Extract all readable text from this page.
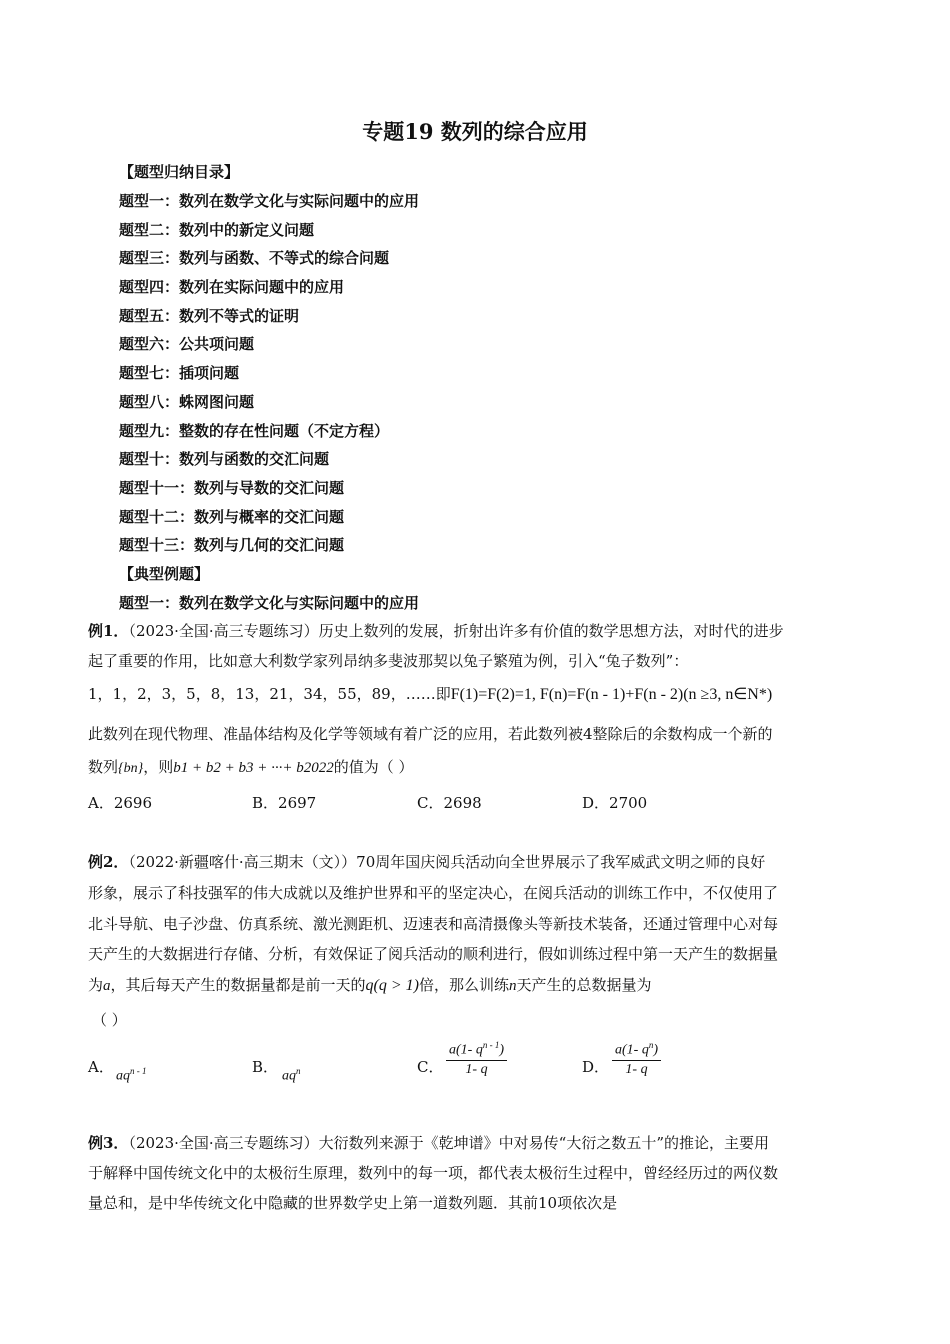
专题19 数列的综合应用
【题型归纳目录】
题型一：数列在数学文化与实际问题中的应用
题型二：数列中的新定义问题
题型三：数列与函数、不等式的综合问题
题型四：数列在实际问题中的应用
题型五：数列不等式的证明
题型六：公共项问题
题型七：插项问题
题型八：蛛网图问题
题型九：整数的存在性问题（不定方程）
题型十：数列与函数的交汇问题
题型十一：数列与导数的交汇问题
题型十二：数列与概率的交汇问题
题型十三：数列与几何的交汇问题
【典型例题】
题型一：数列在数学文化与实际问题中的应用
例1．（2023·全国·高三专题练习）历史上数列的发展，折射出许多有价值的数学思想方法，对时代的进步
起了重要的作用，比如意大利数学家列昂纳多斐波那契以兔子繁殖为例，引入“兔子数列”：
1，1，2，3，5，8，13，21，34，55，89，……即F(1)=F(2)=1, F(n)=F(n - 1)+F(n - 2)(n ≥3, n∈N*)
此数列在现代物理、准晶体结构及化学等领域有着广泛的应用，若此数列被4整除后的余数构成一个新的
数列{bn}，则b1 + b2 + b3 + ···+ b2022的值为（ ）
A．2696	B．2697	C．2698	D．2700
例2．（2022·新疆喀什·高三期末（文））70周年国庆阅兵活动向全世界展示了我军威武文明之师的良好
形象，展示了科技强军的伟大成就以及维护世界和平的坚定决心，在阅兵活动的训练工作中，不仅使用了
北斗导航、电子沙盘、仿真系统、激光测距机、迈速表和高清摄像头等新技术装备，还通过管理中心对每
天产生的大数据进行存储、分析，有效保证了阅兵活动的顺利进行，假如训练过程中第一天产生的数据量
为a，其后每天产生的数据量都是前一天的q(q > 1)倍，那么训练n天产生的总数据量为
（ ）
A．
$aq^{n - 1}$	B．
$aq^n$	C． $\frac{a(1- q^{n - 1})}{1- q}$	D． $\frac{a(1- q^n)}{1- q}$
例3．（2023·全国·高三专题练习）大衍数列来源于《乾坤谱》中对易传“大衍之数五十”的推论，主要用
于解释中国传统文化中的太极衍生原理，数列中的每一项，都代表太极衍生过程中，曾经经历过的两仪数
量总和，是中华传统文化中隐藏的世界数学史上第一道数列题．其前10项依次是
